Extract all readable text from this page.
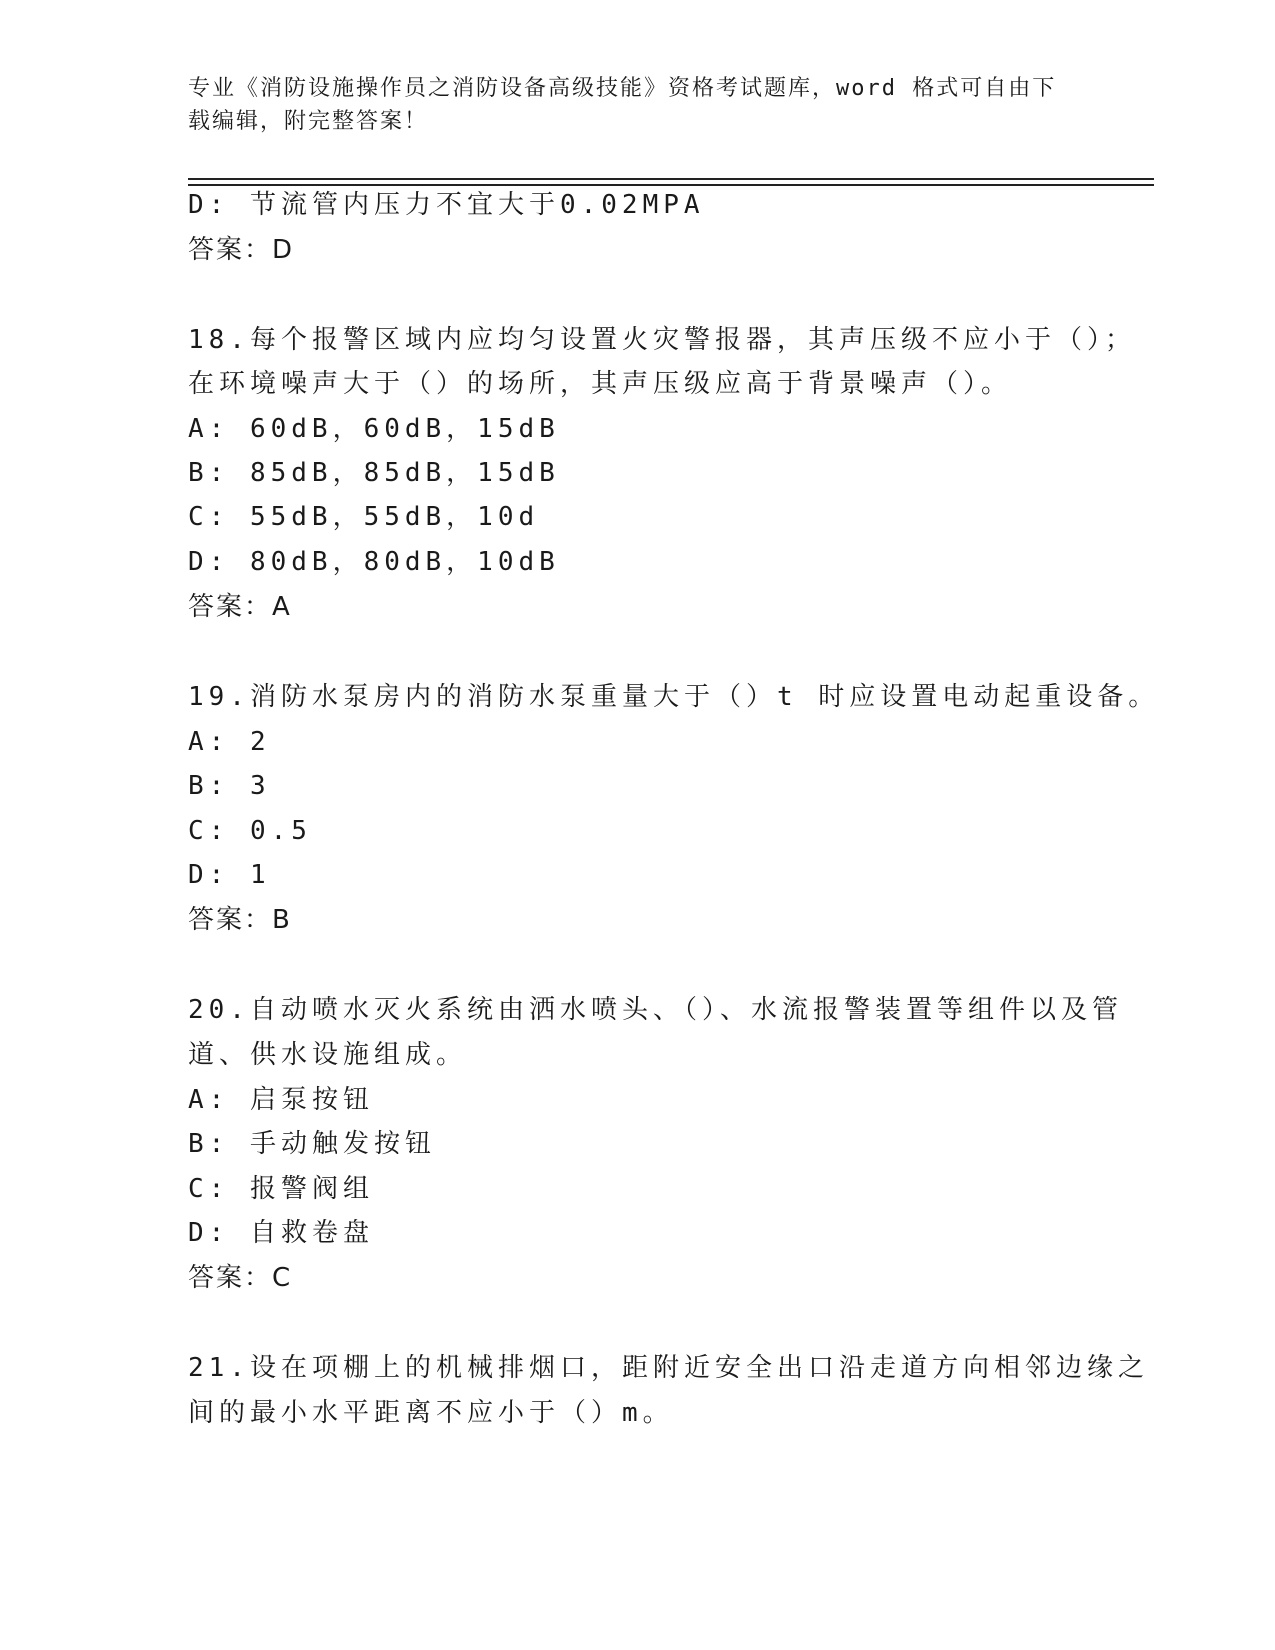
专业《消防设施操作员之消防设备高级技能》资格考试题库，word 格式可自由下
载编辑，附完整答案！
D: 节流管内压力不宜大于0.02MPA
答案：D
18.每个报警区域内应均匀设置火灾警报器，其声压级不应小于（）；
在环境噪声大于（）的场所，其声压级应高于背景噪声（）。
A: 60dB，60dB，15dB
B: 85dB，85dB，15dB
C: 55dB，55dB，10d
D: 80dB，80dB，10dB
答案：A
19.消防水泵房内的消防水泵重量大于（）t 时应设置电动起重设备。
A: 2
B: 3
C: 0.5
D: 1
答案：B
20.自动喷水灭火系统由洒水喷头、（）、水流报警装置等组件以及管
道、供水设施组成。
A: 启泵按钮
B: 手动触发按钮
C: 报警阀组
D: 自救卷盘
答案：C
21.设在项棚上的机械排烟口，距附近安全出口沿走道方向相邻边缘之
间的最小水平距离不应小于（）m。
